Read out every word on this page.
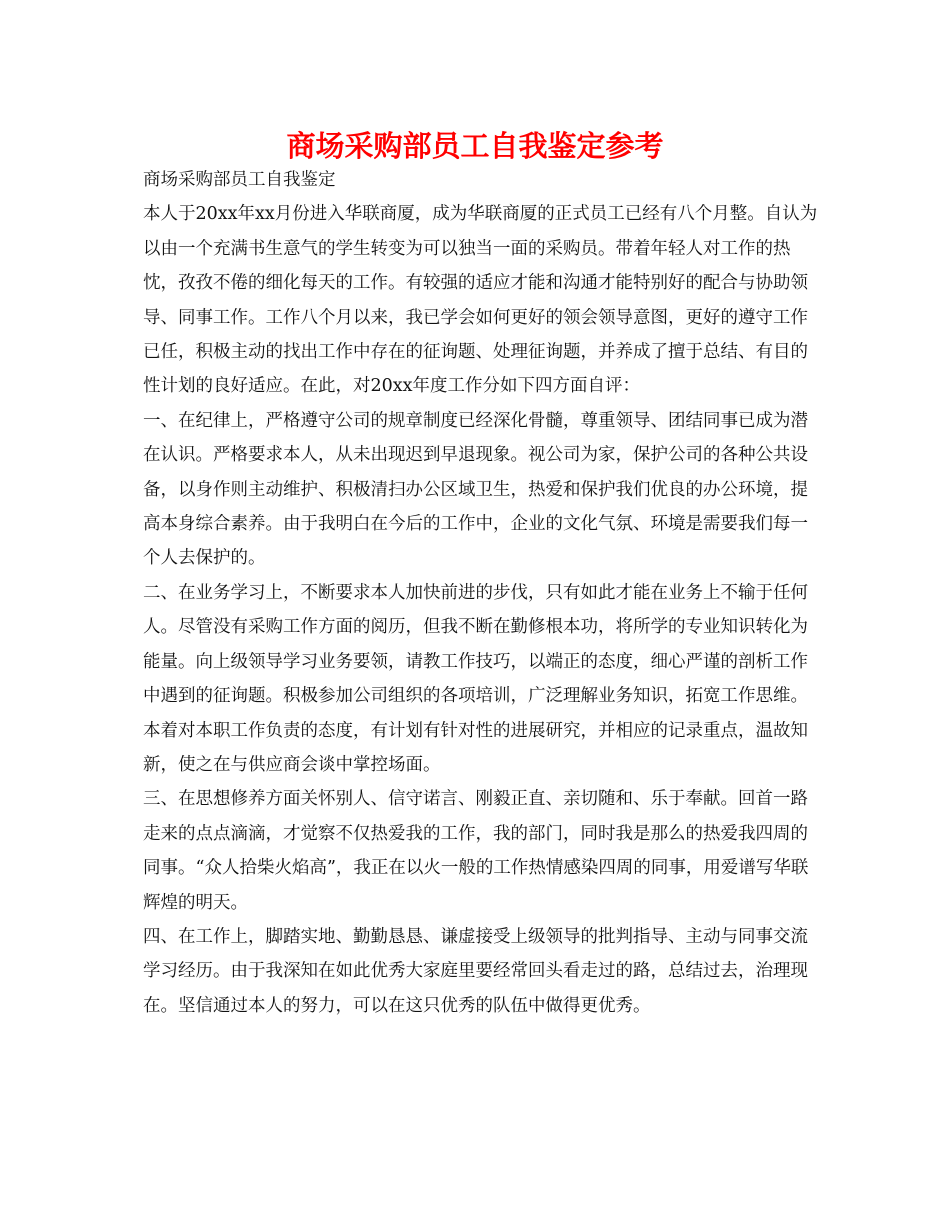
商场采购部员工自我鉴定参考

商场采购部员工自我鉴定

本人于20xx年xx月份进入华联商厦，成为华联商厦的正式员工已经有八个月整。自认为以由一个充满书生意气的学生转变为可以独当一面的采购员。带着年轻人对工作的热忱，孜孜不倦的细化每天的工作。有较强的适应才能和沟通才能特别好的配合与协助领导、同事工作。工作八个月以来，我已学会如何更好的领会领导意图，更好的遵守工作已任，积极主动的找出工作中存在的征询题、处理征询题，并养成了擅于总结、有目的性计划的良好适应。在此，对20xx年度工作分如下四方面自评：

一、在纪律上，严格遵守公司的规章制度已经深化骨髓，尊重领导、团结同事已成为潜在认识。严格要求本人，从未出现迟到早退现象。视公司为家，保护公司的各种公共设备，以身作则主动维护、积极清扫办公区域卫生，热爱和保护我们优良的办公环境，提高本身综合素养。由于我明白在今后的工作中，企业的文化气氛、环境是需要我们每一个人去保护的。

二、在业务学习上，不断要求本人加快前进的步伐，只有如此才能在业务上不输于任何人。尽管没有采购工作方面的阅历，但我不断在勤修根本功，将所学的专业知识转化为能量。向上级领导学习业务要领，请教工作技巧，以端正的态度，细心严谨的剖析工作中遇到的征询题。积极参加公司组织的各项培训，广泛理解业务知识，拓宽工作思维。本着对本职工作负责的态度，有计划有针对性的进展研究，并相应的记录重点，温故知新，使之在与供应商会谈中掌控场面。

三、在思想修养方面关怀别人、信守诺言、刚毅正直、亲切随和、乐于奉献。回首一路走来的点点滴滴，才觉察不仅热爱我的工作，我的部门，同时我是那么的热爱我四周的同事。“众人拾柴火焰高”，我正在以火一般的工作热情感染四周的同事，用爱谱写华联辉煌的明天。

四、在工作上，脚踏实地、勤勤恳恳、谦虚接受上级领导的批判指导、主动与同事交流学习经历。由于我深知在如此优秀大家庭里要经常回头看走过的路，总结过去，治理现在。坚信通过本人的努力，可以在这只优秀的队伍中做得更优秀。
